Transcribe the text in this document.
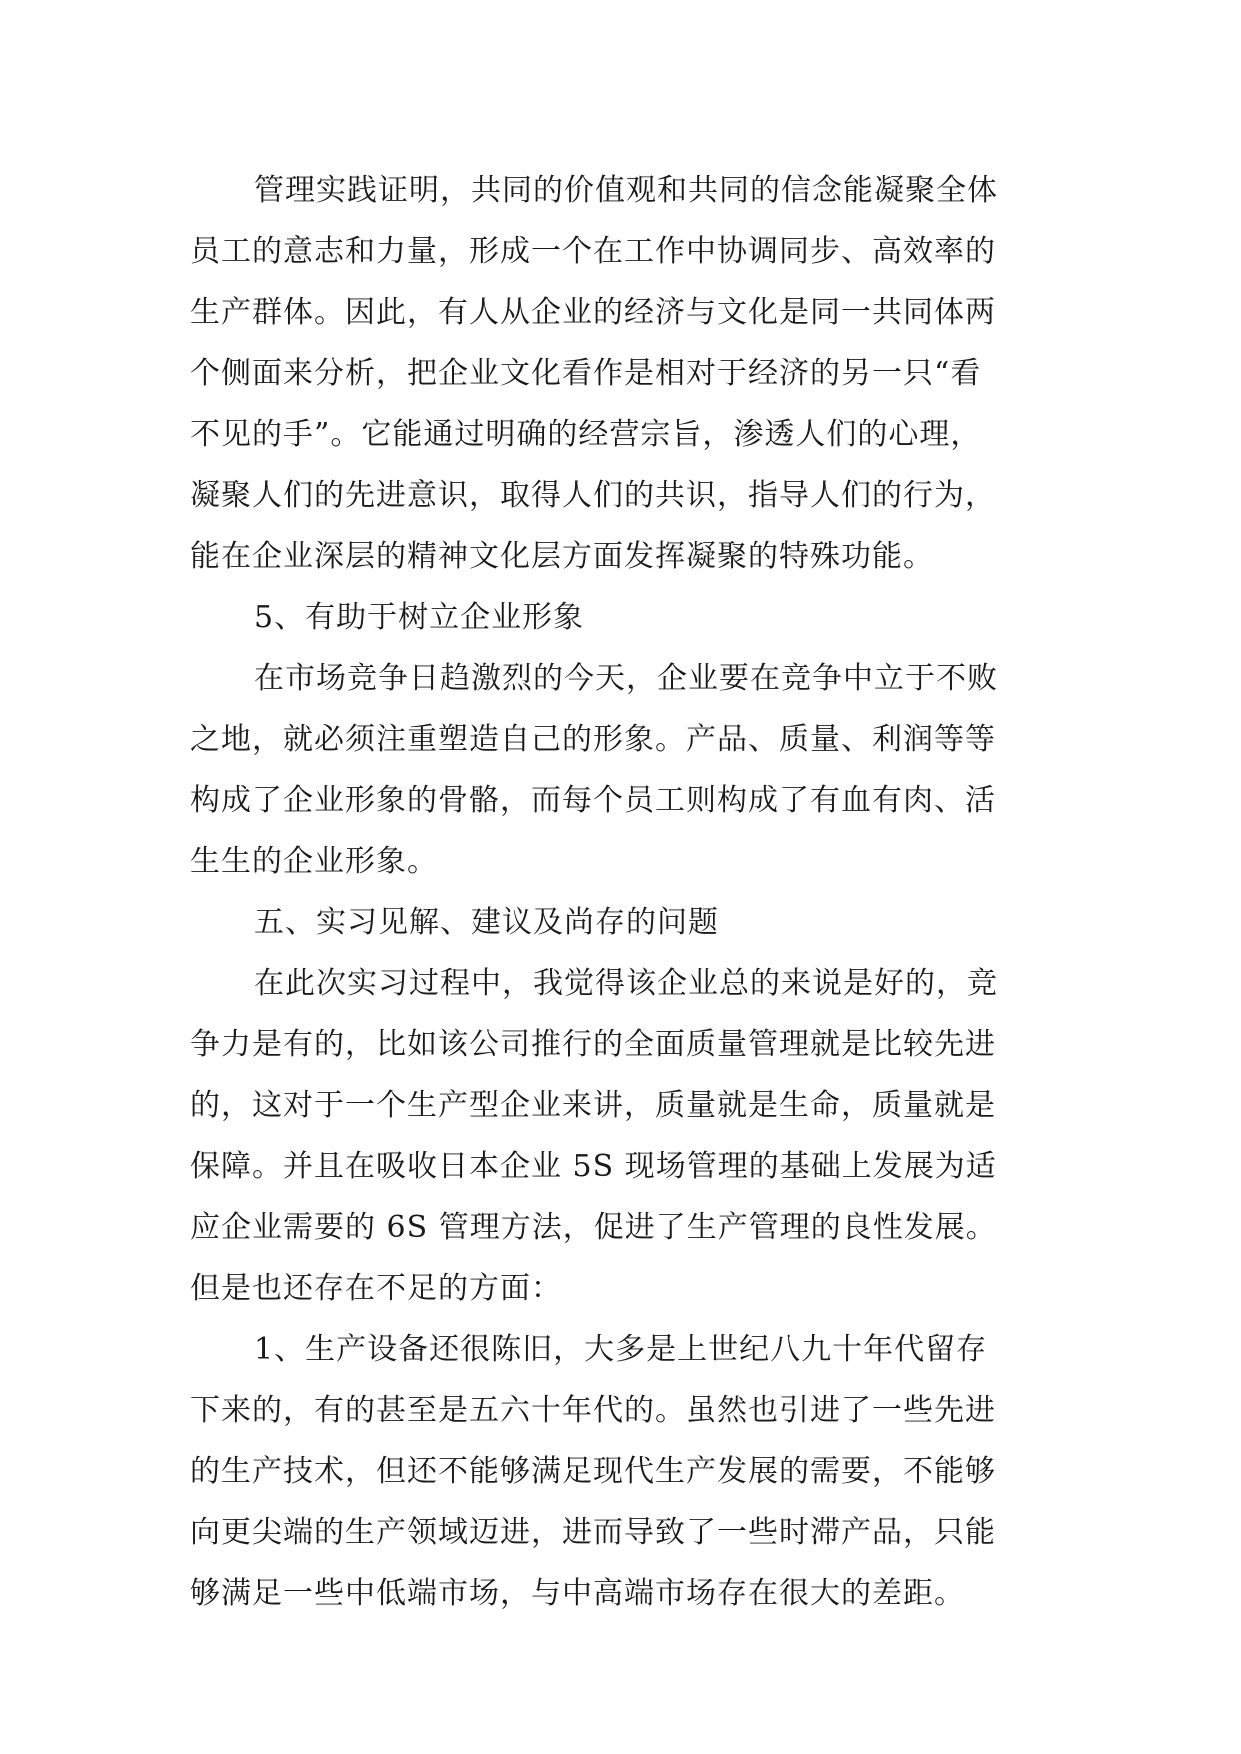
管理实践证明，共同的价值观和共同的信念能凝聚全体
员工的意志和力量，形成一个在工作中协调同步、高效率的
生产群体。因此，有人从企业的经济与文化是同一共同体两
个侧面来分析，把企业文化看作是相对于经济的另一只“看
不见的手”。它能通过明确的经营宗旨，渗透人们的心理，
凝聚人们的先进意识，取得人们的共识，指导人们的行为，
能在企业深层的精神文化层方面发挥凝聚的特殊功能。
5、有助于树立企业形象
在市场竞争日趋激烈的今天，企业要在竞争中立于不败
之地，就必须注重塑造自己的形象。产品、质量、利润等等
构成了企业形象的骨骼，而每个员工则构成了有血有肉、活
生生的企业形象。
五、实习见解、建议及尚存的问题
在此次实习过程中，我觉得该企业总的来说是好的，竞
争力是有的，比如该公司推行的全面质量管理就是比较先进
的，这对于一个生产型企业来讲，质量就是生命，质量就是
保障。并且在吸收日本企业 5S 现场管理的基础上发展为适
应企业需要的 6S 管理方法，促进了生产管理的良性发展。
但是也还存在不足的方面：
1、生产设备还很陈旧，大多是上世纪八九十年代留存
下来的，有的甚至是五六十年代的。虽然也引进了一些先进
的生产技术，但还不能够满足现代生产发展的需要，不能够
向更尖端的生产领域迈进，进而导致了一些时滞产品，只能
够满足一些中低端市场，与中高端市场存在很大的差距。
